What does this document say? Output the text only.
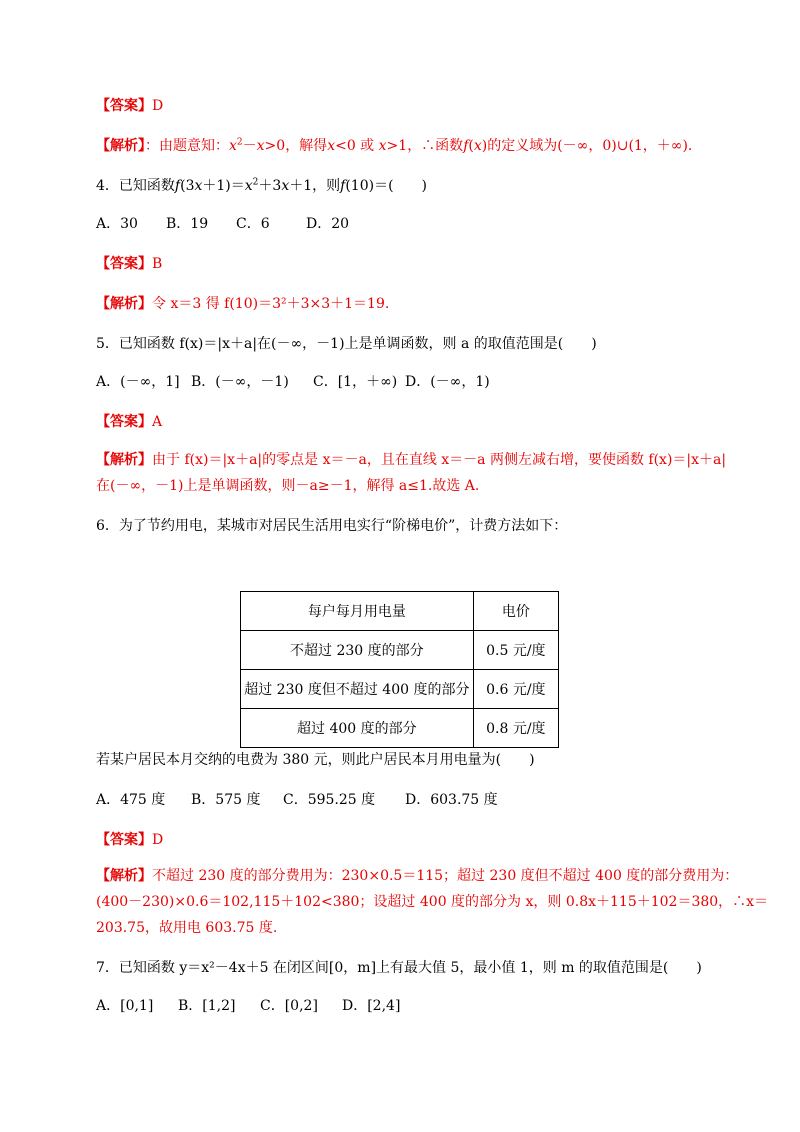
【答案】D
【解析】：由题意知：$x^2-x>0$，解得x<0 或 x>1，∴函数f(x)的定义域为(－∞，0)∪(1，＋∞).
4．已知函数$f(3x+1)=x^2+3x+1$，则f(10)＝(　　)
A．30 B．19 C．6	D．20
【答案】B
【解析】令 x＝3 得 f(10)＝3²＋3×3＋1＝19.
5．已知函数 f(x)＝|x＋a|在(－∞，－1)上是单调函数，则 a 的取值范围是(　　)
A．(－∞，1] B．(－∞，－1) C．[1，＋∞) D．(－∞，1)
【答案】A
【解析】由于 f(x)＝|x＋a|的零点是 x＝－a，且在直线 x＝－a 两侧左减右增，要使函数 f(x)＝|x＋a|
在(－∞，－1)上是单调函数，则－a≥－1，解得 a≤1.故选 A.
6．为了节约用电，某城市对居民生活用电实行“阶梯电价”，计费方法如下：
每户每月用电量	电价
不超过 230 度的部分	0.5 元/度
超过 230 度但不超过 400 度的部分	0.6 元/度
超过 400 度的部分	0.8 元/度
若某户居民本月交纳的电费为 380 元，则此户居民本月用电量为(　　)
A．475 度 B．575 度 C．595.25 度 D．603.75 度
【答案】D
【解析】不超过 230 度的部分费用为：230×0.5＝115；超过 230 度但不超过 400 度的部分费用为：
(400－230)×0.6＝102,115＋102<380；设超过 400 度的部分为 x，则 0.8x＋115＋102＝380，∴x＝
203.75，故用电 603.75 度.
7．已知函数 y＝x²－4x＋5 在闭区间[0，m]上有最大值 5，最小值 1，则 m 的取值范围是(　　)
A．[0,1] B．[1,2] C．[0,2] D．[2,4]
